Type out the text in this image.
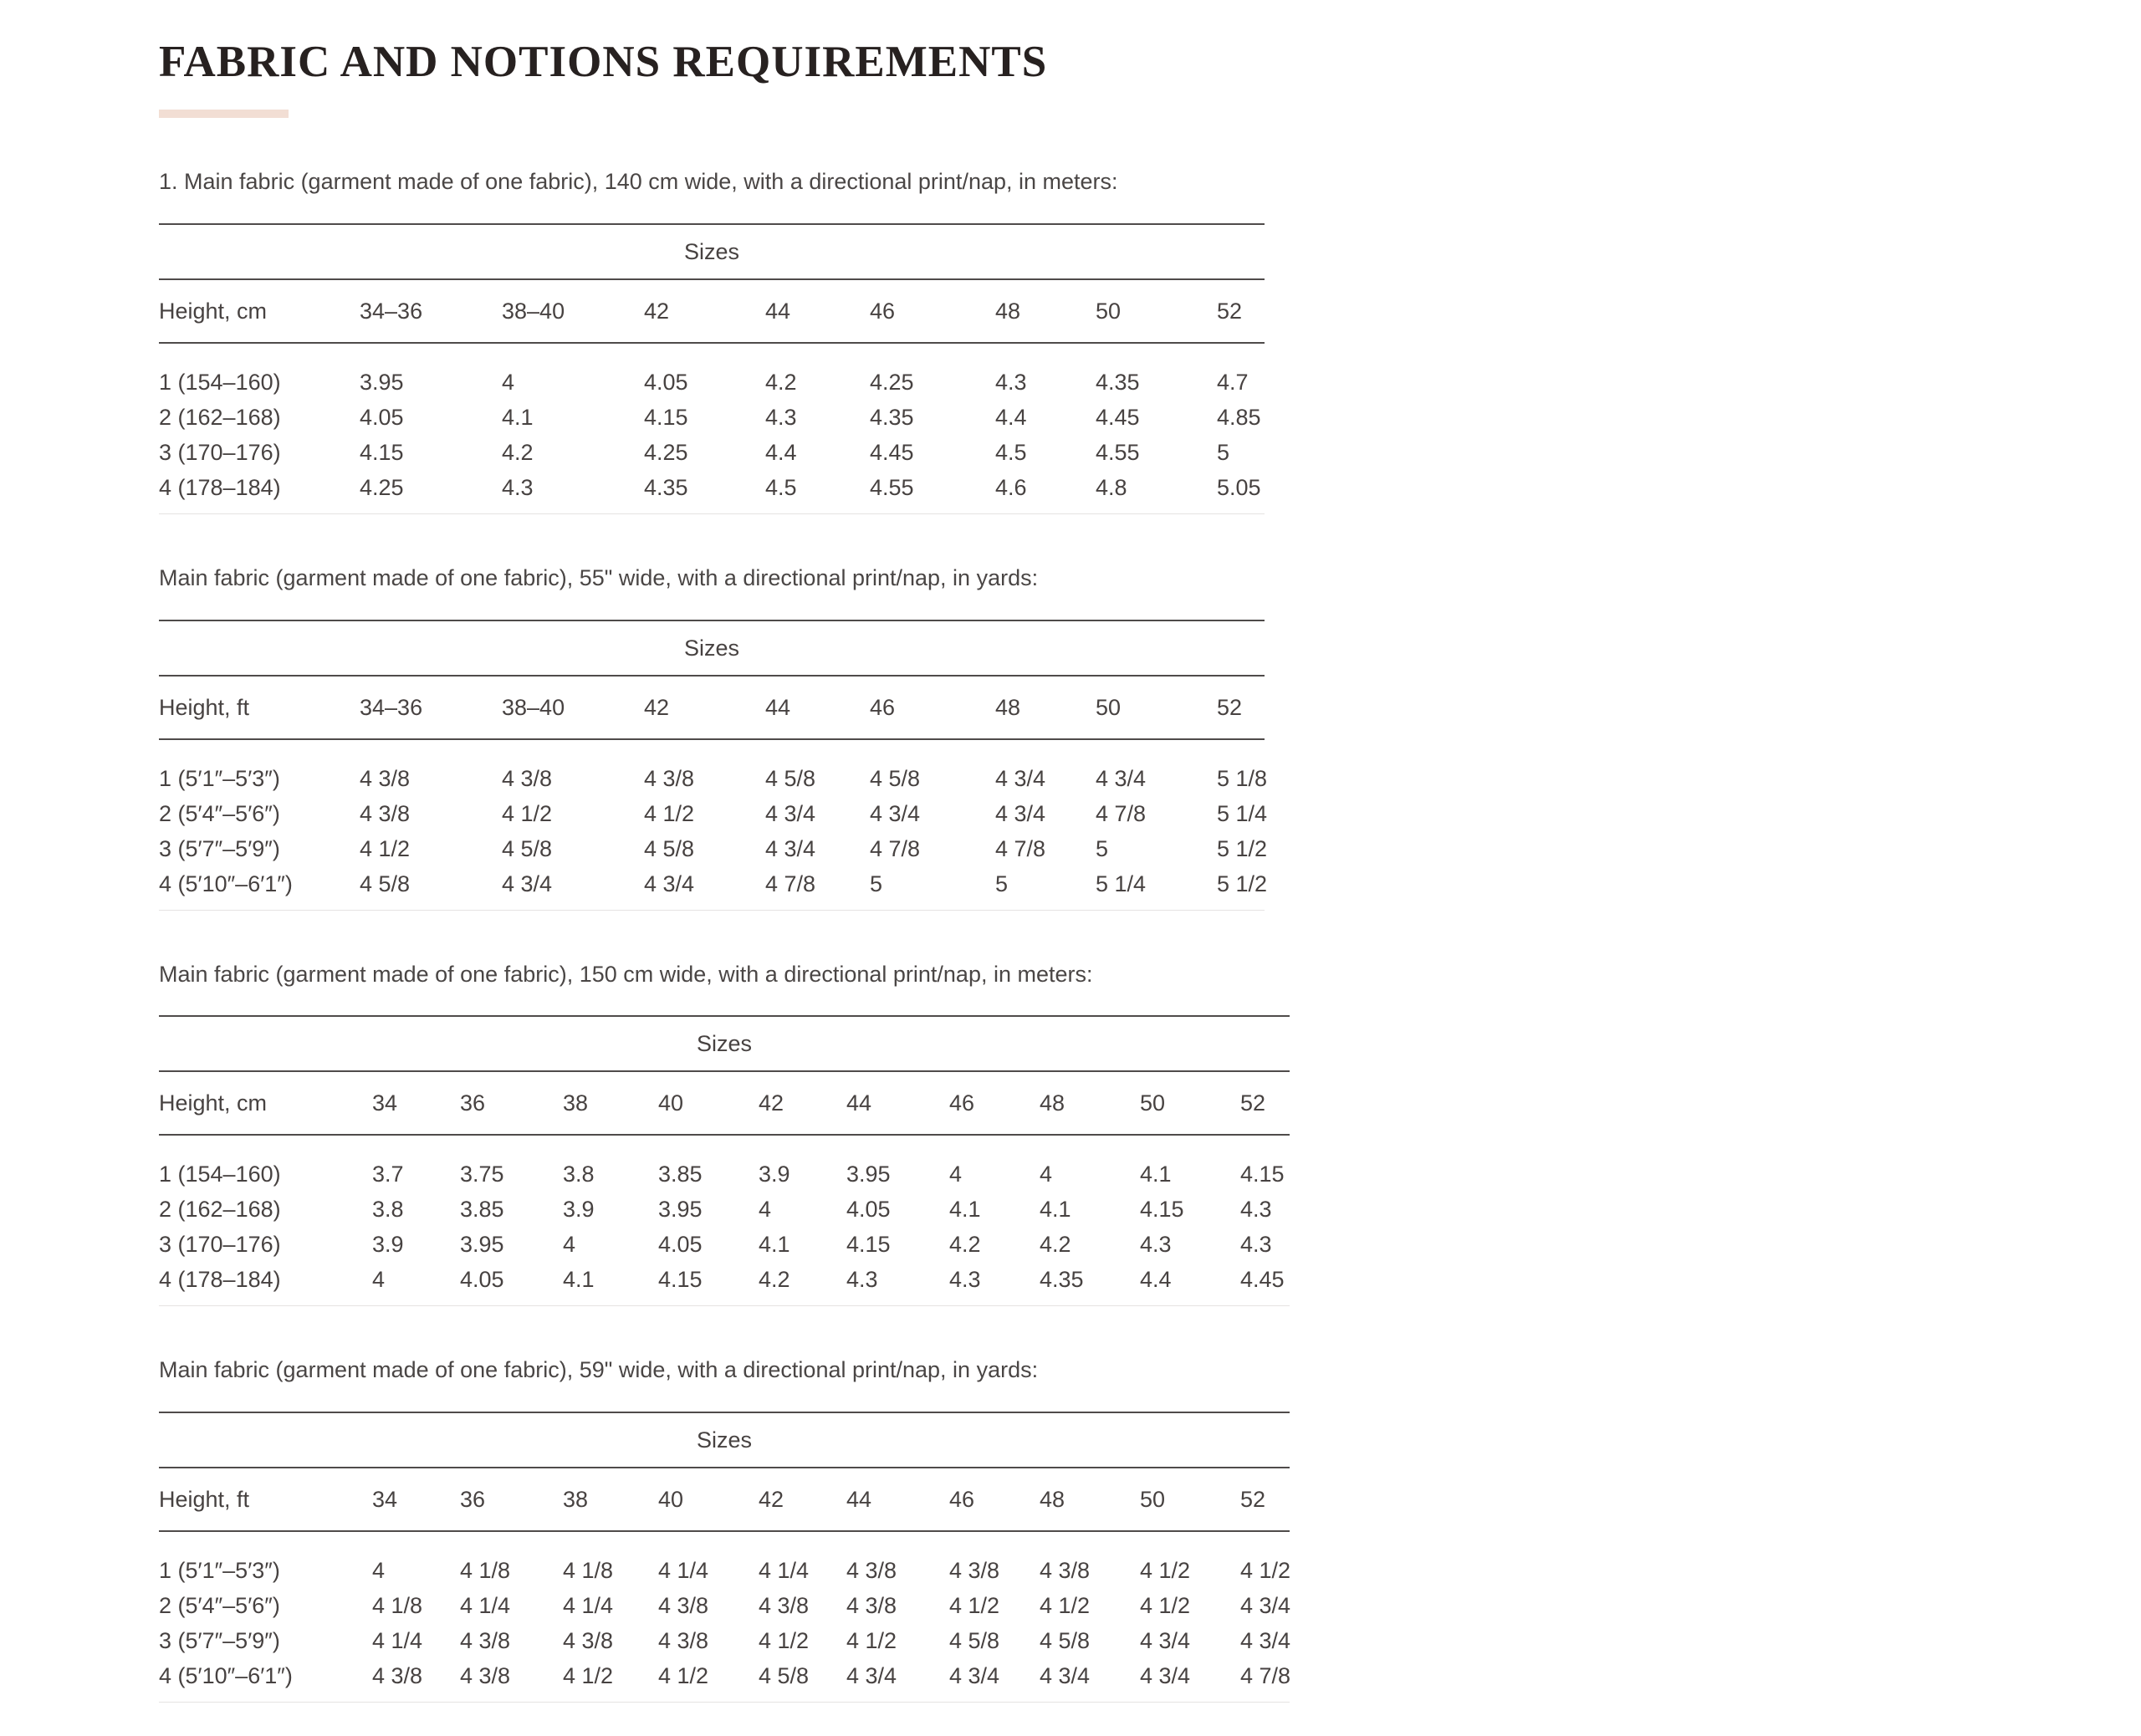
FABRIC AND NOTIONS REQUIREMENTS

1. Main fabric (garment made of one fabric), 140 cm wide, with a directional print/nap, in meters:

Sizes								
Height, cm	34–36	38–40	42	44	46	48	50	52
1 (154–160)	3.95	4	4.05	4.2	4.25	4.3	4.35	4.7
2 (162–168)	4.05	4.1	4.15	4.3	4.35	4.4	4.45	4.85
3 (170–176)	4.15	4.2	4.25	4.4	4.45	4.5	4.55	5
4 (178–184)	4.25	4.3	4.35	4.5	4.55	4.6	4.8	5.05

Main fabric (garment made of one fabric), 55" wide, with a directional print/nap, in yards:

Sizes								
Height, ft	34–36	38–40	42	44	46	48	50	52
1 (5′1″–5′3″)	4 3/8	4 3/8	4 3/8	4 5/8	4 5/8	4 3/4	4 3/4	5 1/8
2 (5′4″–5′6″)	4 3/8	4 1/2	4 1/2	4 3/4	4 3/4	4 3/4	4 7/8	5 1/4
3 (5′7″–5′9″)	4 1/2	4 5/8	4 5/8	4 3/4	4 7/8	4 7/8	5	5 1/2
4 (5′10″–6′1″)	4 5/8	4 3/4	4 3/4	4 7/8	5	5	5 1/4	5 1/2

Main fabric (garment made of one fabric), 150 cm wide, with a directional print/nap, in meters:

Sizes										
Height, cm	34	36	38	40	42	44	46	48	50	52
1 (154–160)	3.7	3.75	3.8	3.85	3.9	3.95	4	4	4.1	4.15
2 (162–168)	3.8	3.85	3.9	3.95	4	4.05	4.1	4.1	4.15	4.3
3 (170–176)	3.9	3.95	4	4.05	4.1	4.15	4.2	4.2	4.3	4.3
4 (178–184)	4	4.05	4.1	4.15	4.2	4.3	4.3	4.35	4.4	4.45

Main fabric (garment made of one fabric), 59" wide, with a directional print/nap, in yards:

Sizes										
Height, ft	34	36	38	40	42	44	46	48	50	52
1 (5′1″–5′3″)	4	4 1/8	4 1/8	4 1/4	4 1/4	4 3/8	4 3/8	4 3/8	4 1/2	4 1/2
2 (5′4″–5′6″)	4 1/8	4 1/4	4 1/4	4 3/8	4 3/8	4 3/8	4 1/2	4 1/2	4 1/2	4 3/4
3 (5′7″–5′9″)	4 1/4	4 3/8	4 3/8	4 3/8	4 1/2	4 1/2	4 5/8	4 5/8	4 3/4	4 3/4
4 (5′10″–6′1″)	4 3/8	4 3/8	4 1/2	4 1/2	4 5/8	4 3/4	4 3/4	4 3/4	4 3/4	4 7/8
